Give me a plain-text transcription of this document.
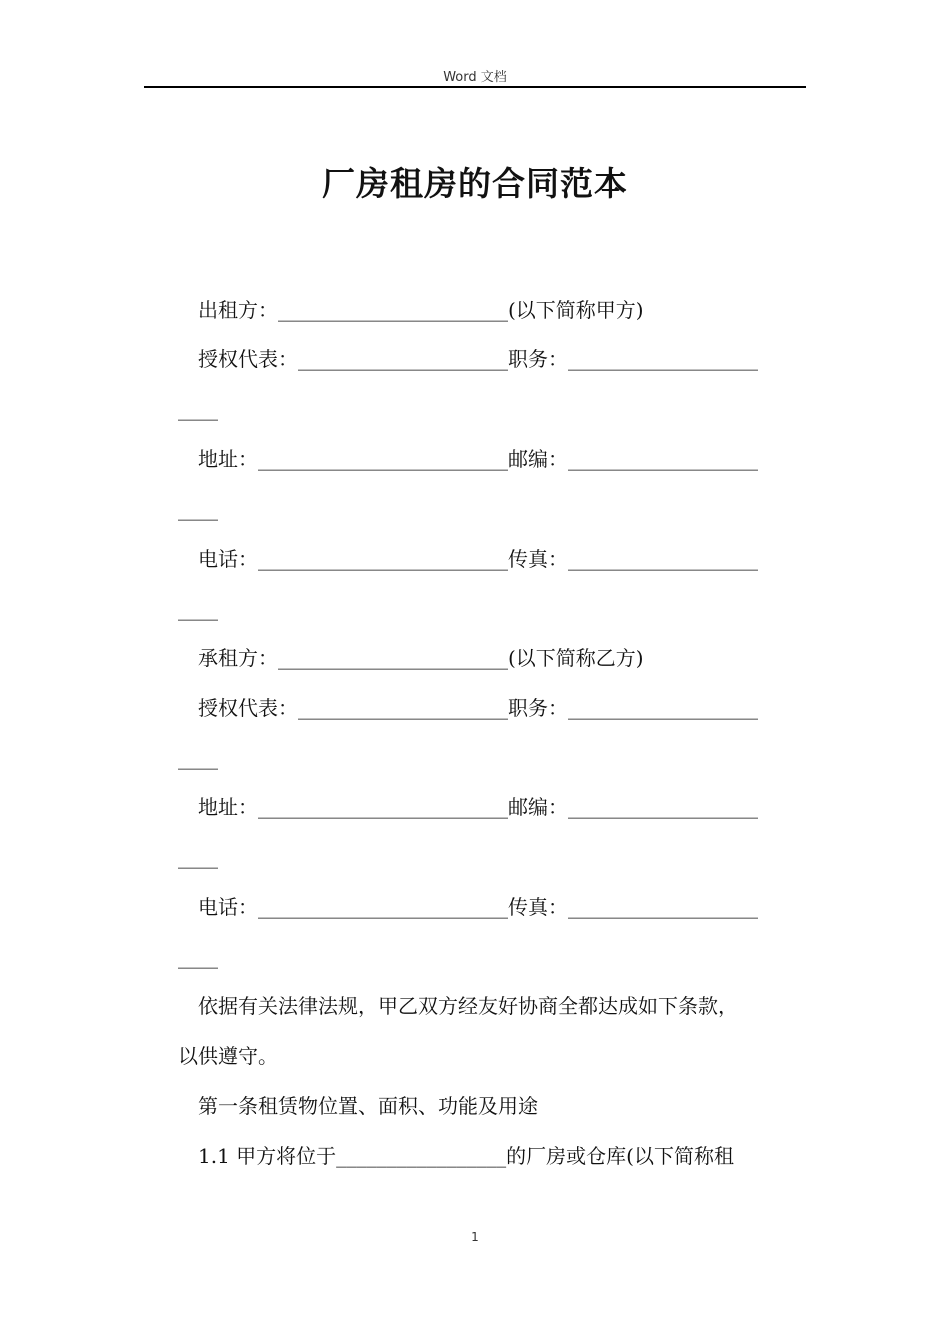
Word 文档
厂房租房的合同范本
出租方：_______________________(以下简称甲方)
授权代表：_____________________职务：___________________
____
地址：_________________________邮编：___________________
____
电话：_________________________传真：___________________
____
承租方：_______________________(以下简称乙方)
授权代表：_____________________职务：___________________
____
地址：_________________________邮编：___________________
____
电话：_________________________传真：___________________
____
依据有关法律法规，甲乙双方经友好协商全都达成如下条款，
以供遵守。
第一条租赁物位置、面积、功能及用途
1.1 甲方将位于_________________的厂房或仓库(以下简称租
1
